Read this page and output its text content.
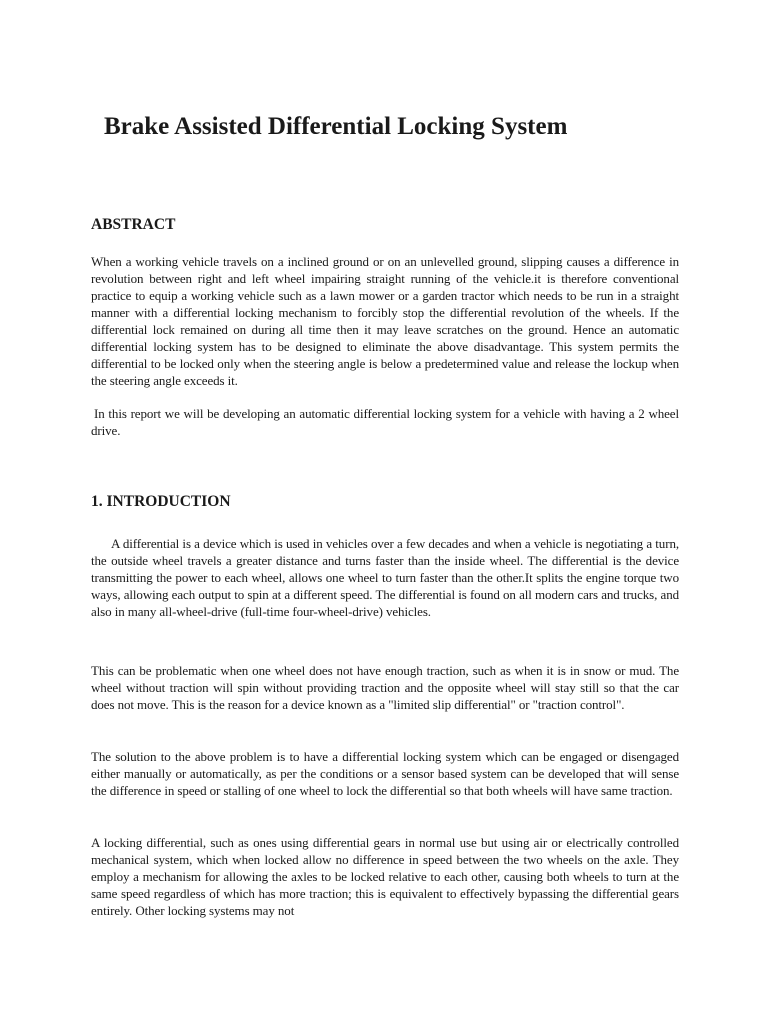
Brake Assisted Differential Locking System
ABSTRACT

When a working vehicle travels on a inclined ground or on an unlevelled ground, slipping causes a difference in revolution between right and left wheel impairing straight running of the vehicle.it is therefore conventional practice to equip a working vehicle such as a lawn mower or a garden tractor which needs to be run in a straight manner with a differential locking mechanism to forcibly stop the differential revolution of the wheels. If the differential lock remained on during all time then it may leave scratches on the ground. Hence an automatic differential locking system has to be designed to eliminate the above disadvantage. This system permits the differential to be locked only when the steering angle is below a predetermined value and release the lockup when the steering angle exceeds it.

In this report we will be developing an automatic differential locking system for a vehicle with having a 2 wheel drive.

1. INTRODUCTION

A differential is a device which is used in vehicles over a few decades and when a vehicle is negotiating a turn, the outside wheel travels a greater distance and turns faster than the inside wheel. The differential is the device transmitting the power to each wheel, allows one wheel to turn faster than the other.It splits the engine torque two ways, allowing each output to spin at a different speed. The differential is found on all modern cars and trucks, and also in many all-wheel-drive (full-time four-wheel-drive) vehicles.

This can be problematic when one wheel does not have enough traction, such as when it is in snow or mud. The wheel without traction will spin without providing traction and the opposite wheel will stay still so that the car does not move. This is the reason for a device known as a "limited slip differential" or "traction control".

The solution to the above problem is to have a differential locking system which can be engaged or disengaged either manually or automatically, as per the conditions or a sensor based system can be developed that will sense the difference in speed or stalling of one wheel to lock the differential so that both wheels will have same traction.

A locking differential, such as ones using differential gears in normal use but using air or electrically controlled mechanical system, which when locked allow no difference in speed between the two wheels on the axle. They employ a mechanism for allowing the axles to be locked relative to each other, causing both wheels to turn at the same speed regardless of which has more traction; this is equivalent to effectively bypassing the differential gears entirely. Other locking systems may not
